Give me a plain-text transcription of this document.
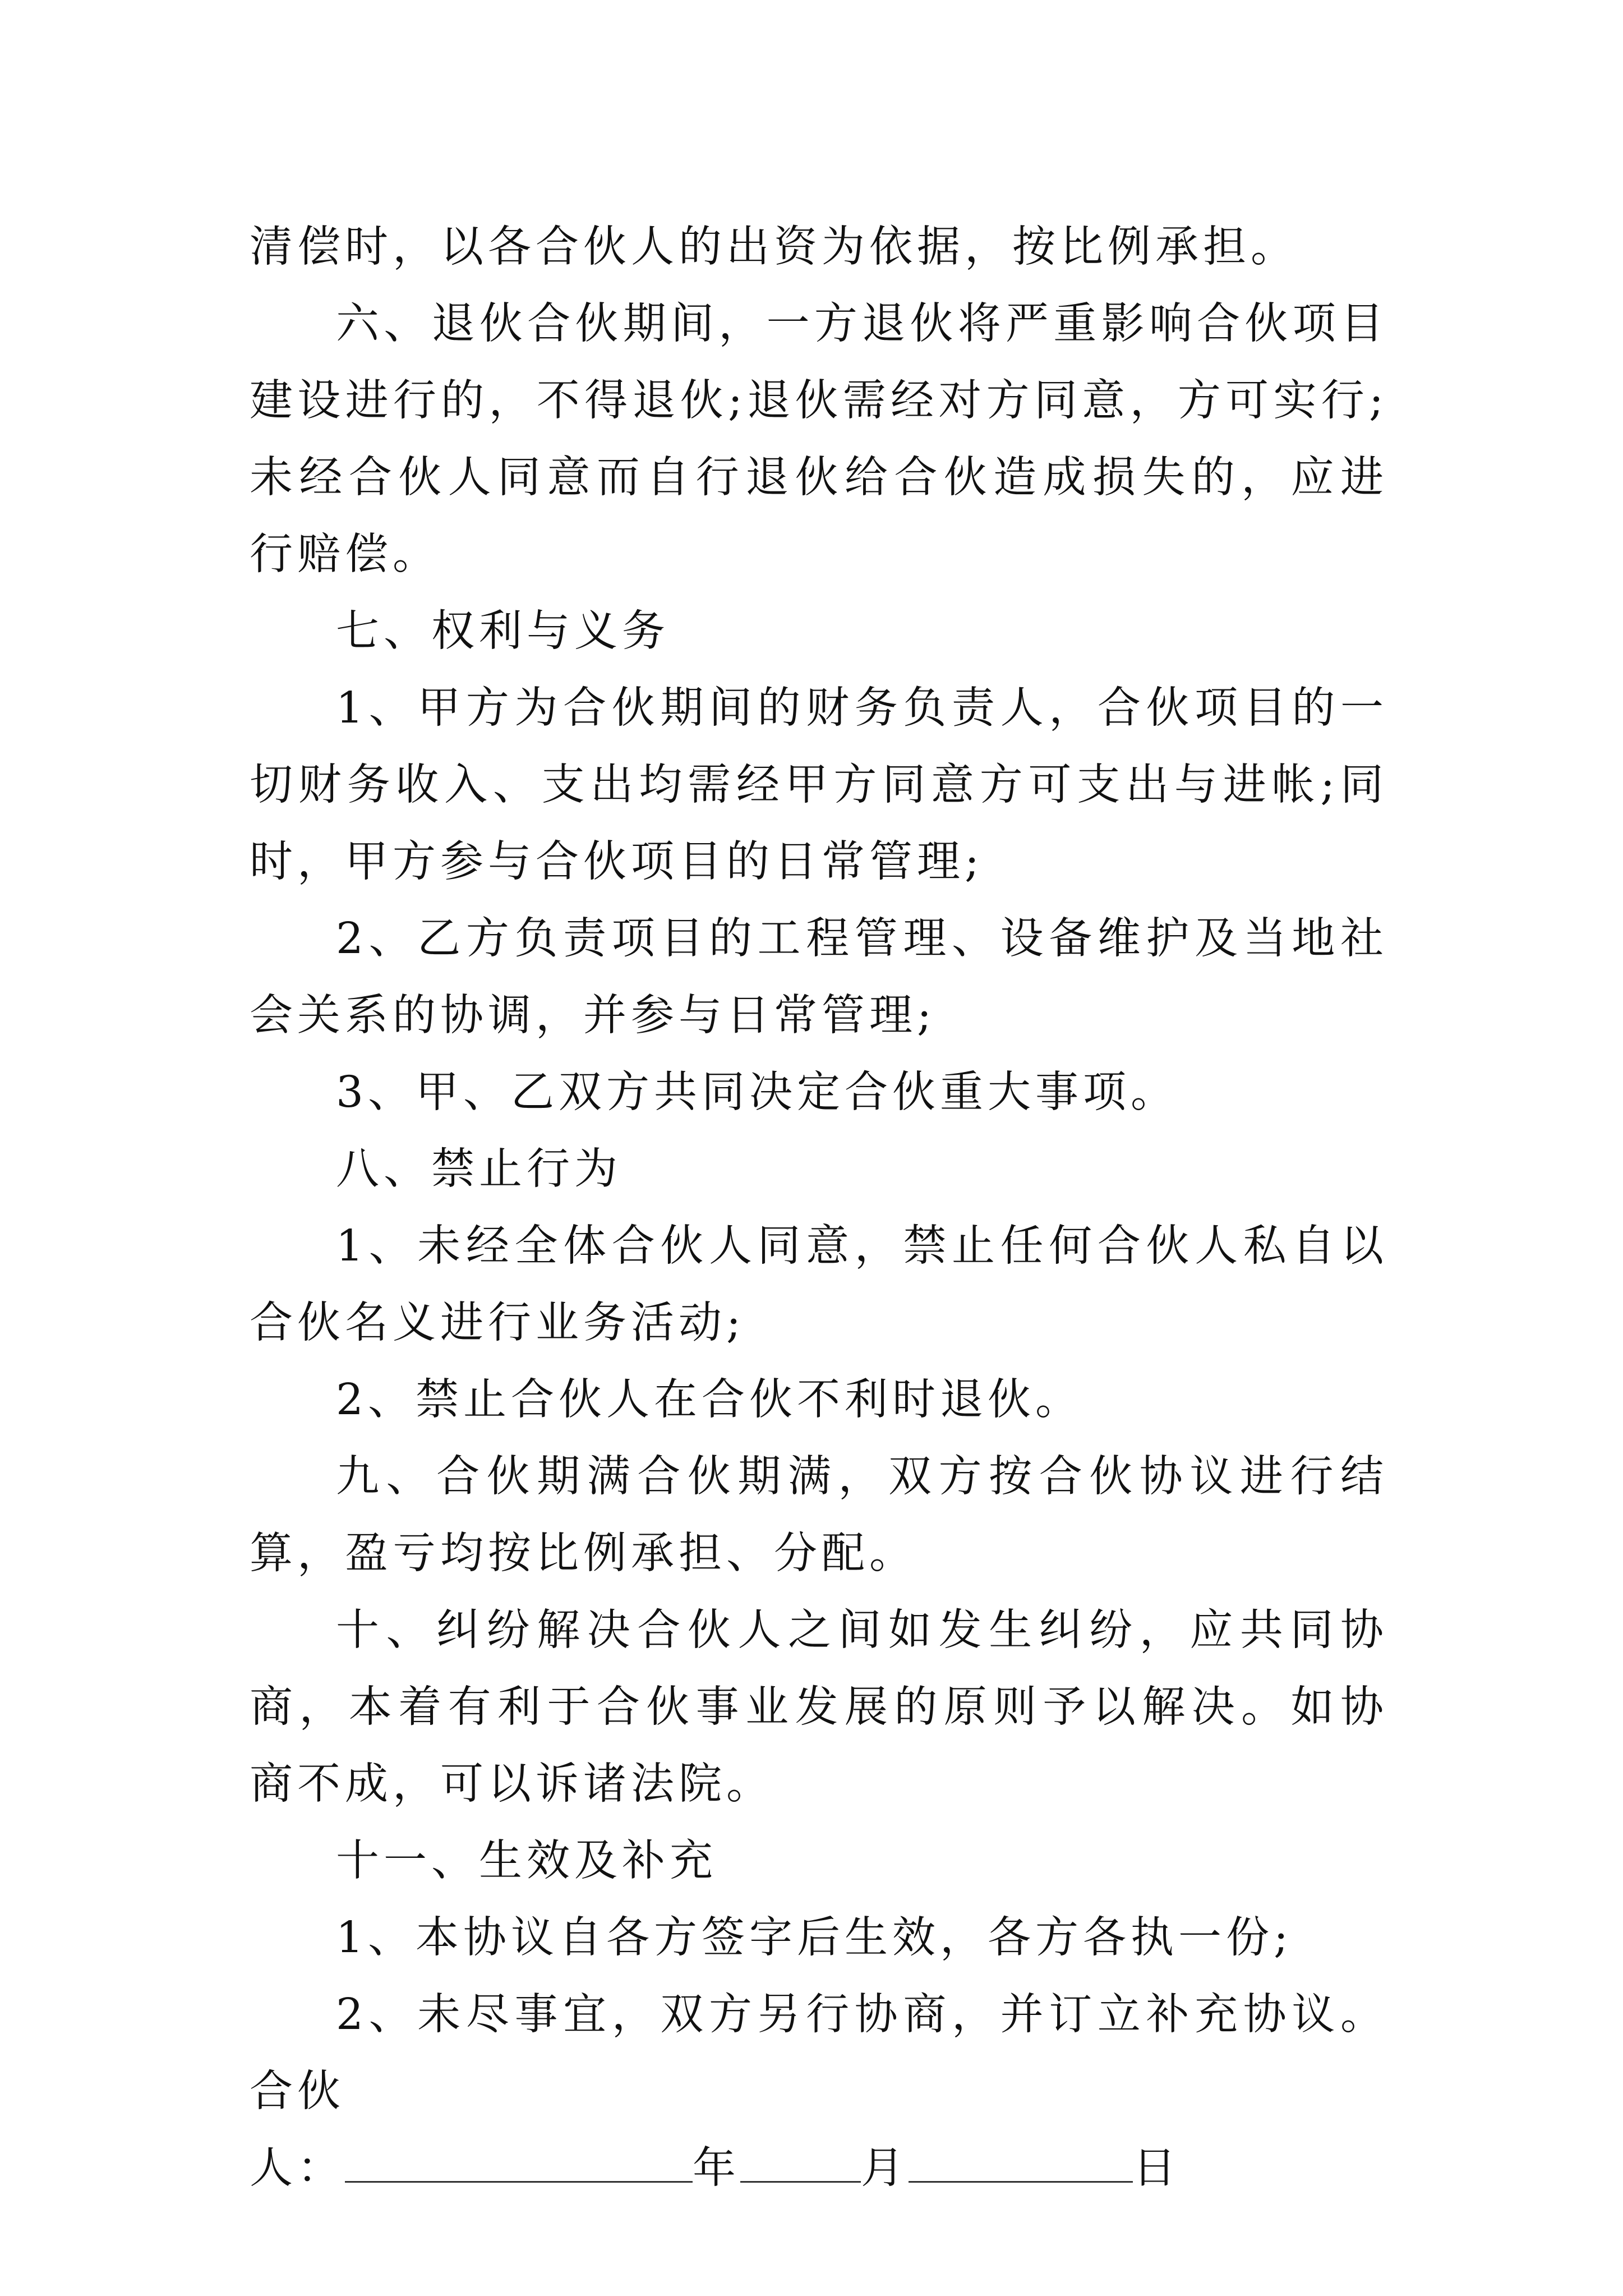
清偿时，以各合伙人的出资为依据，按比例承担。

六、退伙合伙期间，一方退伙将严重影响合伙项目建设进行的，不得退伙;退伙需经对方同意，方可实行;未经合伙人同意而自行退伙给合伙造成损失的，应进行赔偿。

七、权利与义务

1、甲方为合伙期间的财务负责人，合伙项目的一切财务收入、支出均需经甲方同意方可支出与进帐;同时，甲方参与合伙项目的日常管理;

2、乙方负责项目的工程管理、设备维护及当地社会关系的协调，并参与日常管理;

3、甲、乙双方共同决定合伙重大事项。

八、禁止行为

1、未经全体合伙人同意，禁止任何合伙人私自以合伙名义进行业务活动;

2、禁止合伙人在合伙不利时退伙。

九、合伙期满合伙期满，双方按合伙协议进行结算，盈亏均按比例承担、分配。

十、纠纷解决合伙人之间如发生纠纷，应共同协商，本着有利于合伙事业发展的原则予以解决。如协商不成，可以诉诸法院。

十一、生效及补充

1、本协议自各方签字后生效，各方各执一份;

2、未尽事宜，双方另行协商，并订立补充协议。合伙

人：	年	月	日
